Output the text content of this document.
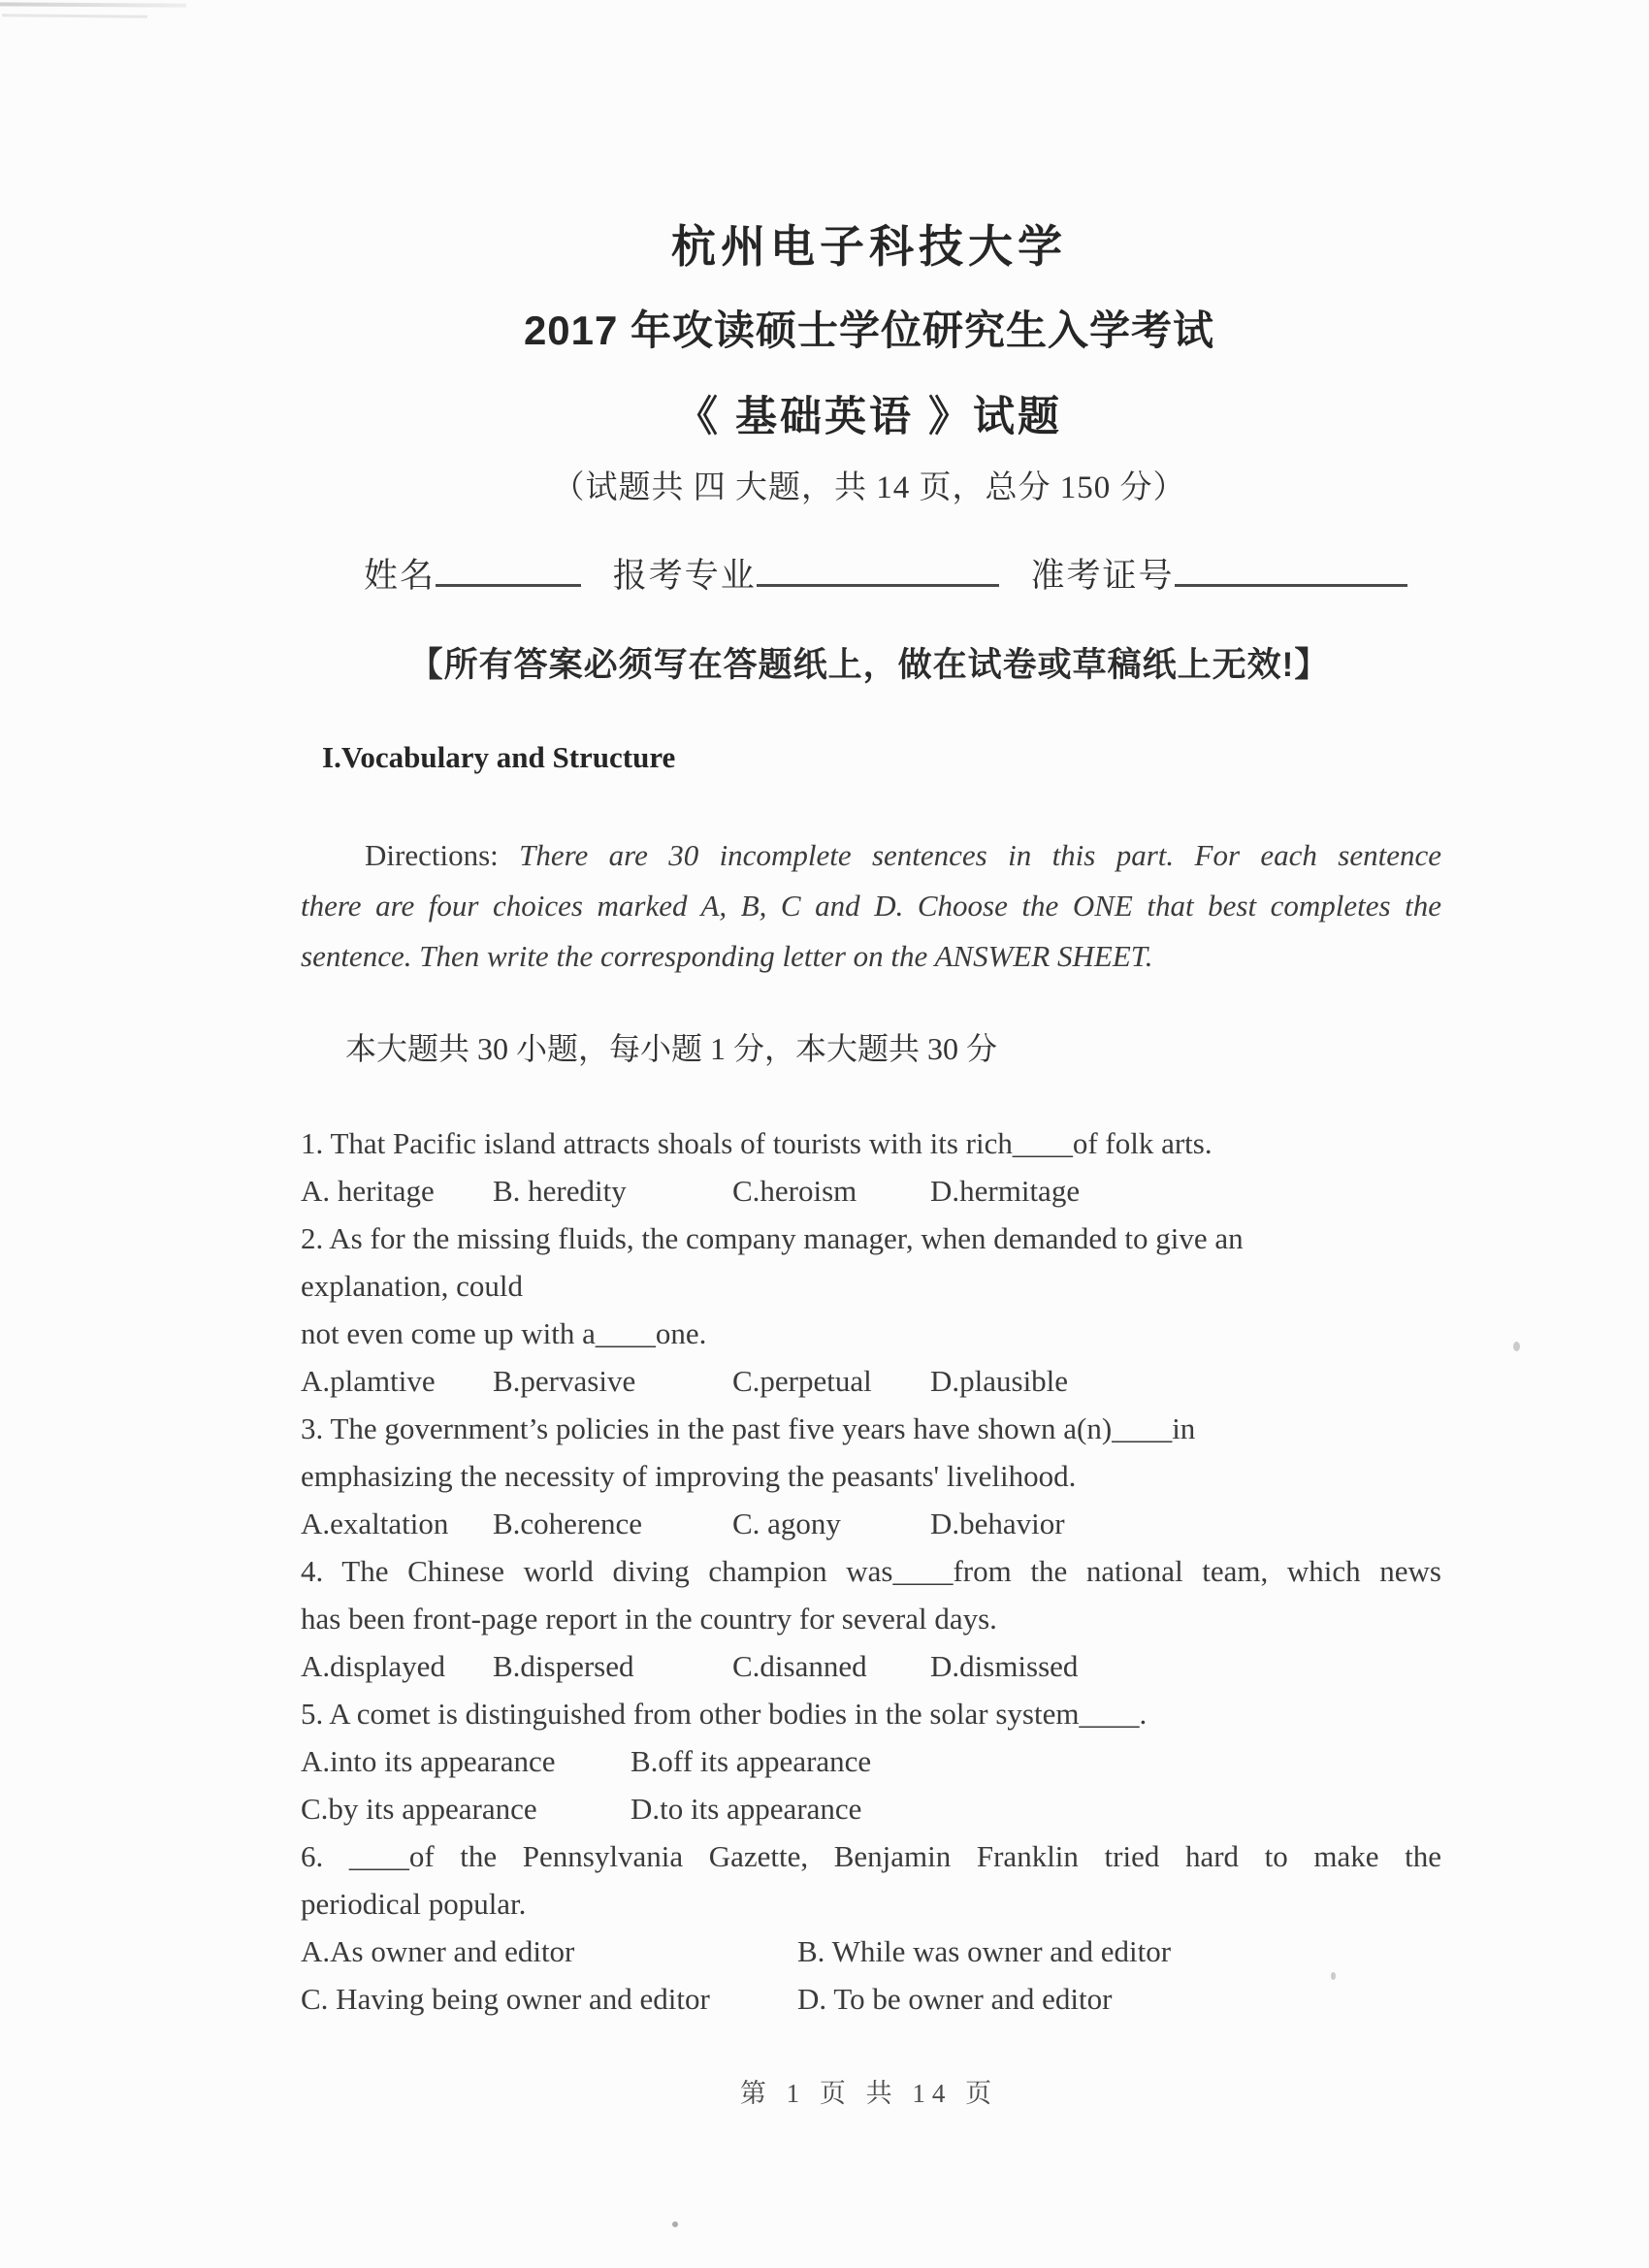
杭州电子科技大学
2017 年攻读硕士学位研究生入学考试
《 基础英语 》试题
（试题共 四 大题，共 14 页，总分 150 分）
姓名	报考专业	准考证号
【所有答案必须写在答题纸上，做在试卷或草稿纸上无效!】
I.Vocabulary and Structure
Directions: There are 30 incomplete sentences in this part. For each sentence
there are four choices marked A, B, C and D. Choose the ONE that best completes the
sentence. Then write the corresponding letter on the ANSWER SHEET.
本大题共 30 小题，每小题 1 分，本大题共 30 分
1. That Pacific island attracts shoals of tourists with its rich____of folk arts.
A. heritage	B. heredity	C.heroism	D.hermitage
2. As for the missing fluids, the company manager, when demanded to give an
explanation, could
not even come up with a____one.
A.plamtive	B.pervasive	C.perpetual	D.plausible
3. The government’s policies in the past five years have shown a(n)____in
emphasizing the necessity of improving the peasants' livelihood.
A.exaltation	B.coherence	C. agony	D.behavior
4. The Chinese world diving champion was____from the national team, which news
has been front-page report in the country for several days.
A.displayed	B.dispersed	C.disanned	D.dismissed
5. A comet is distinguished from other bodies in the solar system____.
A.into its appearance	B.off its appearance
C.by its appearance	D.to its appearance
6. ____of the Pennsylvania Gazette, Benjamin Franklin tried hard to make the
periodical popular.
A.As owner and editor	B. While was owner and editor
C. Having being owner and editor	D. To be owner and editor
第 1 页 共 14 页
